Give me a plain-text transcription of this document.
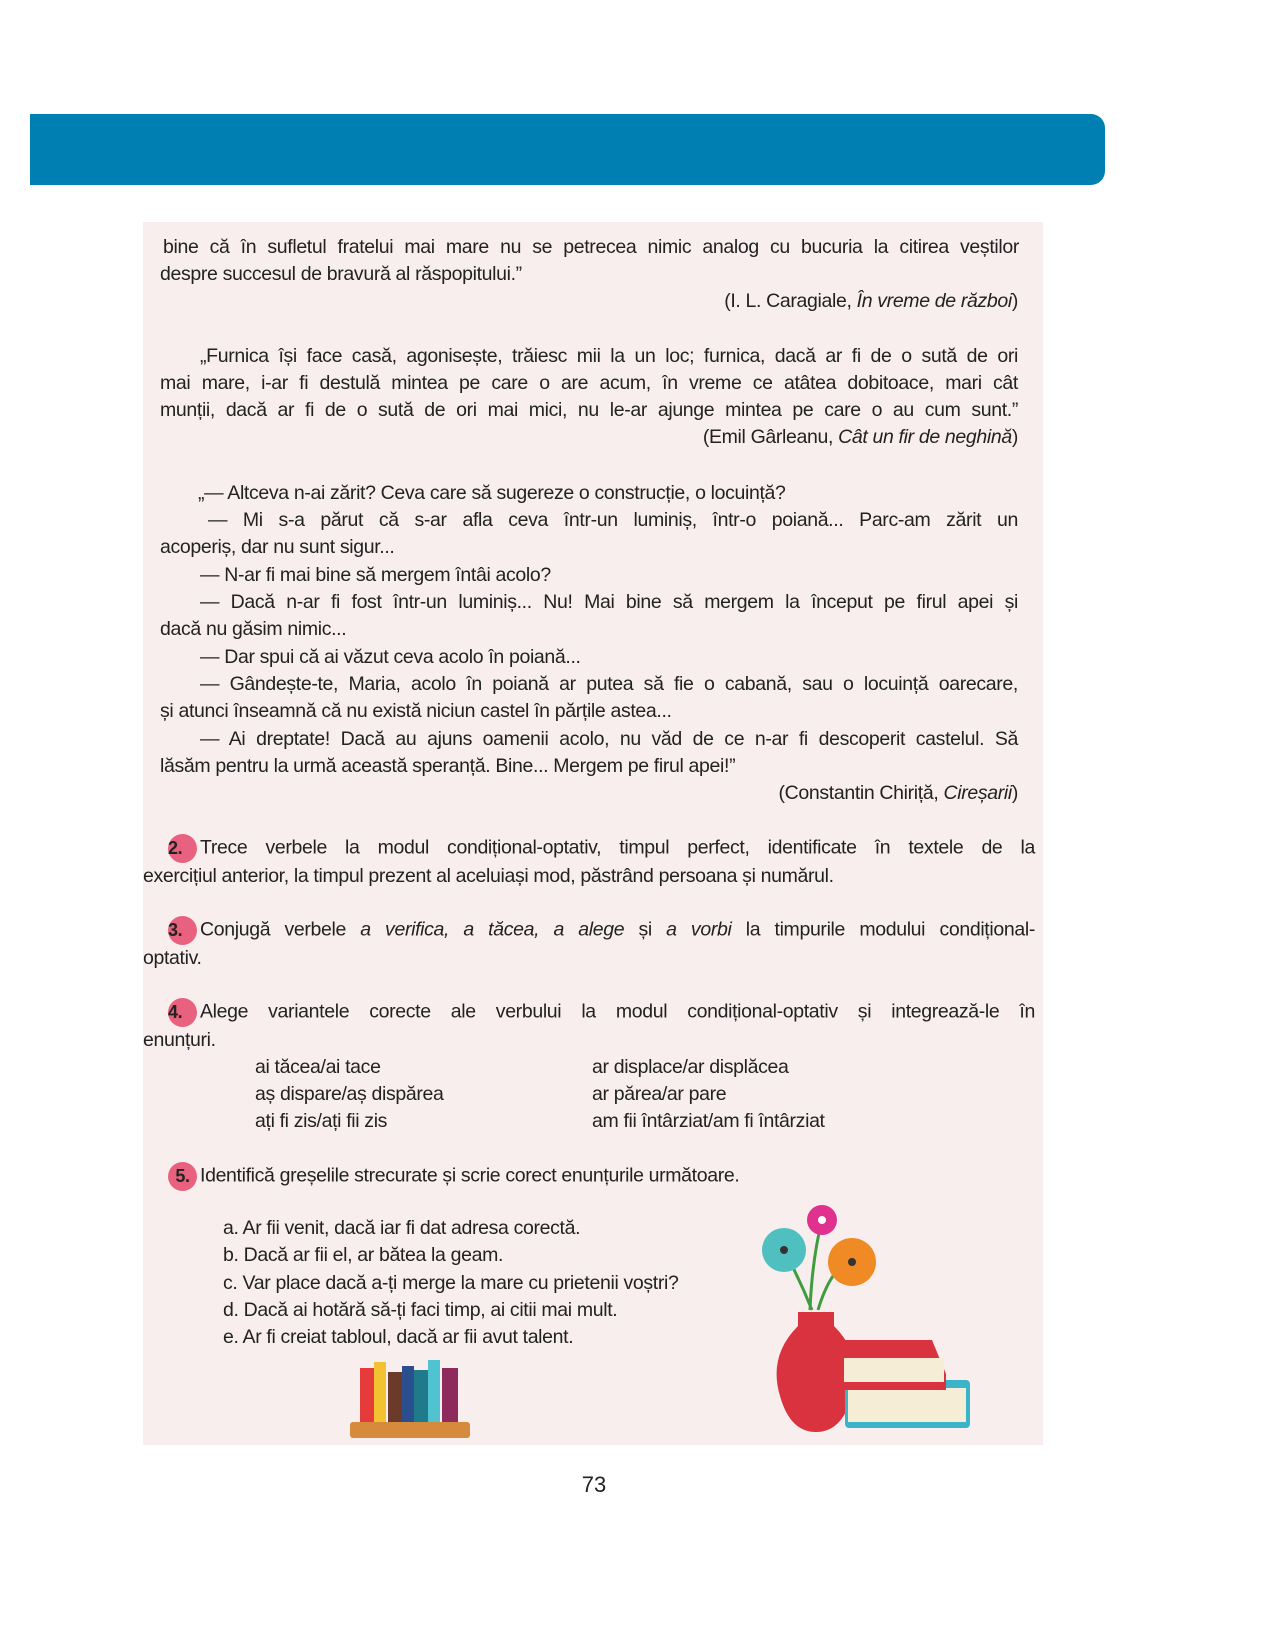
bine că în sufletul fratelui mai mare nu se petrecea nimic analog cu bucuria la citirea veștilor
despre succesul de bravură al răspopitului.”
(I. L. Caragiale, În vreme de război)
„Furnica își face casă, agonisește, trăiesc mii la un loc; furnica, dacă ar fi de o sută de ori
mai mare, i-ar fi destulă mintea pe care o are acum, în vreme ce atâtea dobitoace, mari cât
munții, dacă ar fi de o sută de ori mai mici, nu le-ar ajunge mintea pe care o au cum sunt.”
(Emil Gârleanu, Cât un fir de neghină)
„— Altceva n-ai zărit? Ceva care să sugereze o construcție, o locuință?
— Mi s-a părut că s-ar afla ceva într-un luminiș, într-o poiană... Parc-am zărit un
acoperiș, dar nu sunt sigur...
— N-ar fi mai bine să mergem întâi acolo?
— Dacă n-ar fi fost într-un luminiș... Nu! Mai bine să mergem la început pe firul apei și
dacă nu găsim nimic...
— Dar spui că ai văzut ceva acolo în poiană...
— Gândește-te, Maria, acolo în poiană ar putea să fie o cabană, sau o locuință oarecare,
și atunci înseamnă că nu există niciun castel în părțile astea...
— Ai dreptate! Dacă au ajuns oamenii acolo, nu văd de ce n-ar fi descoperit castelul. Să
lăsăm pentru la urmă această speranță. Bine... Mergem pe firul apei!”
(Constantin Chiriță, Cireșarii)
2. Trece verbele la modul condițional-optativ, timpul perfect, identificate în textele de la
exercițiul anterior, la timpul prezent al aceluiași mod, păstrând persoana și numărul.
3. Conjugă verbele a verifica, a tăcea, a alege și a vorbi la timpurile modului condițional-
optativ.
4. Alege variantele corecte ale verbului la modul condițional-optativ și integrează-le în
enunțuri.
ai tăcea/ai tace
aș dispare/aș dispărea
ați fi zis/ați fii zis
ar displace/ar displăcea
ar părea/ar pare
am fii întârziat/am fi întârziat
5. Identifică greșelile strecurate și scrie corect enunțurile următoare.
a. Ar fii venit, dacă iar fi dat adresa corectă.
b. Dacă ar fii el, ar bătea la geam.
c. Var place dacă a-ți merge la mare cu prietenii voștri?
d. Dacă ai hotără să-ți faci timp, ai citii mai mult.
e. Ar fi creiat tabloul, dacă ar fii avut talent.
73
